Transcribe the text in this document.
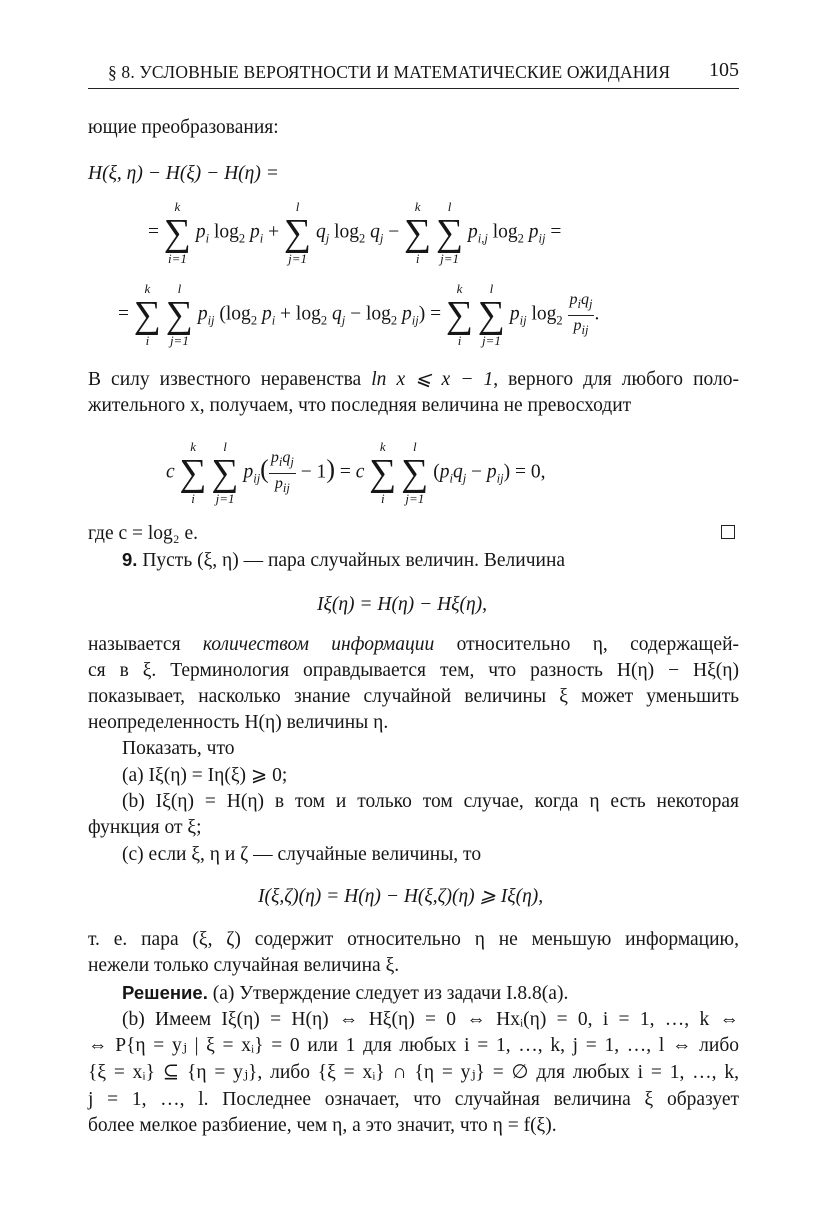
§ 8. УСЛОВНЫЕ ВЕРОЯТНОСТИ И МАТЕМАТИЧЕСКИЕ ОЖИДАНИЯ 105
ющие преобразования:
H(ξ, η) − H(ξ) − H(η) =
=
k
∑
i=1
$p_i$ $\log_2 p_i$ +
l
∑
j=1
$q_j$ $\log_2 q_j$ −
k
∑
i

l
∑
j=1
$p_{i,j}$ $\log_2 p_{ij}$ =
=
k
∑
i

l
∑
j=1
$p_{ij}$ ($\log_2$ $p_i + \log_2 q_j - \log_2 p_{ij}$) =
k
∑
i

l
∑
j=1
$p_{ij}$ $\log_2 \frac{p_iq_j}{p_{ij}}$ .
В силу известного неравенства ln x ⩽ x − 1, верного для любого поло-
жительного x, получаем, что последняя величина не превосходит
c
k
∑
i

l
∑
j=1
$p_{ij}( \frac{p_iq_j}{p_{ij}} - 1) = c$
k
∑
i

l
∑
j=1
$(p_iq_j - p_{ij}) = 0$,
где c = log₂ e.
9. Пусть (ξ, η) — пара случайных величин. Величина
Iξ(η) = H(η) − Hξ(η),
называется количеством информации относительно η, содержащей-
ся в ξ. Терминология оправдывается тем, что разность H(η) − Hξ(η)
показывает, насколько знание случайной величины ξ может уменьшить
неопределенность H(η) величины η.
Показать, что
(a) Iξ(η) = Iη(ξ) ⩾ 0;
(b) Iξ(η) = H(η) в том и только том случае, когда η есть некоторая
функция от ξ;
(c) если ξ, η и ζ — случайные величины, то
I(ξ,ζ)(η) = H(η) − H(ξ,ζ)(η) ⩾ Iξ(η),
т. е. пара (ξ, ζ) содержит относительно η не меньшую информацию,
нежели только случайная величина ξ.
Решение. (a) Утверждение следует из задачи I.8.8(a).
(b) Имеем Iξ(η) = H(η) ⇔ Hξ(η) = 0 ⇔ Hxᵢ(η) = 0, i = 1, …, k ⇔
⇔ P{η = yⱼ | ξ = xᵢ} = 0 или 1 для любых i = 1, …, k, j = 1, …, l ⇔ либо
{ξ = xᵢ} ⊆ {η = yⱼ}, либо {ξ = xᵢ} ∩ {η = yⱼ} = ∅ для любых i = 1, …, k,
j = 1, …, l. Последнее означает, что случайная величина ξ образует
более мелкое разбиение, чем η, а это значит, что η = f(ξ).
